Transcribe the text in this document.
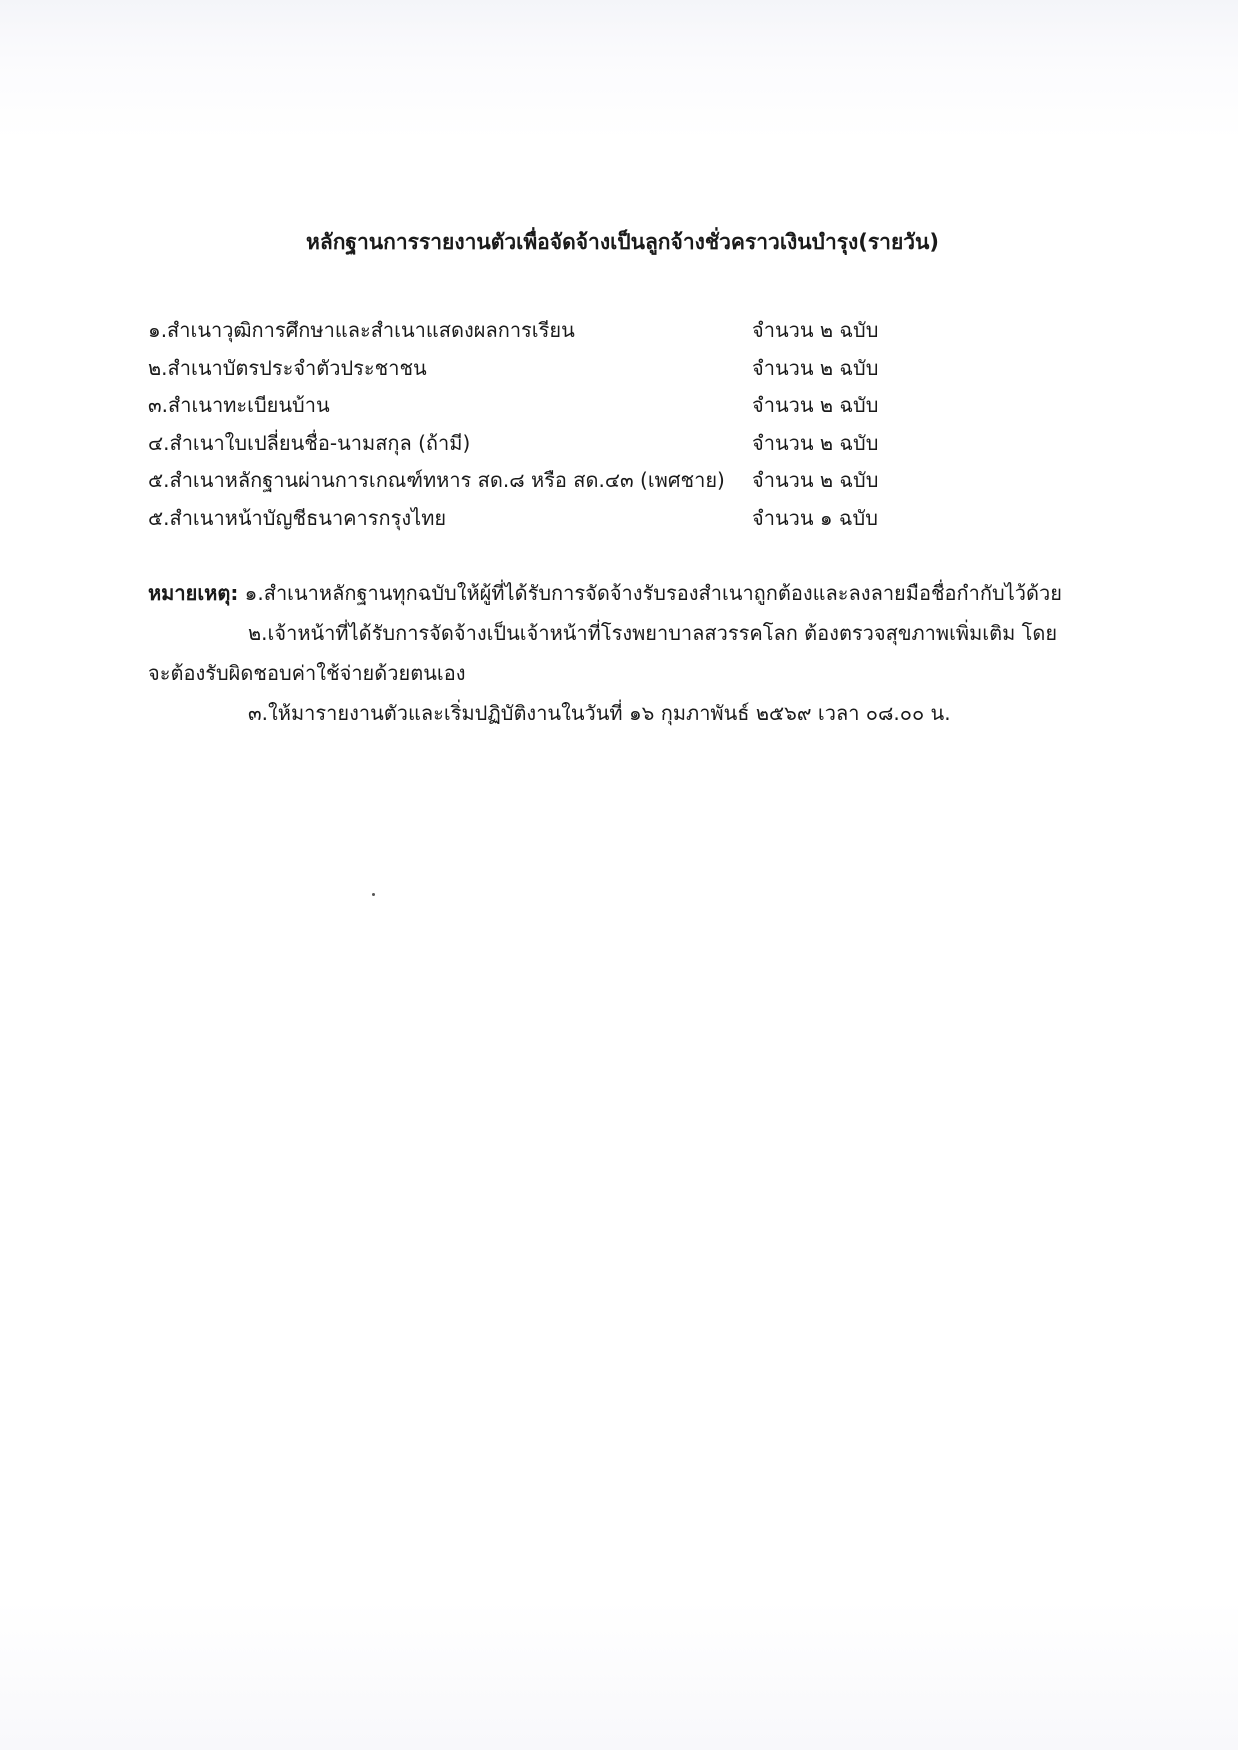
หลักฐานการรายงานตัวเพื่อจัดจ้างเป็นลูกจ้างชั่วคราวเงินบำรุง(รายวัน)
๑.สำเนาวุฒิการศึกษาและสำเนาแสดงผลการเรียน	จำนวน ๒ ฉบับ
๒.สำเนาบัตรประจำตัวประชาชน	จำนวน ๒ ฉบับ
๓.สำเนาทะเบียนบ้าน	จำนวน ๒ ฉบับ
๔.สำเนาใบเปลี่ยนชื่อ-นามสกุล (ถ้ามี)	จำนวน ๒ ฉบับ
๕.สำเนาหลักฐานผ่านการเกณฑ์ทหาร สด.๘ หรือ สด.๔๓ (เพศชาย) จำนวน ๒ ฉบับ
๕.สำเนาหน้าบัญชีธนาคารกรุงไทย	จำนวน ๑ ฉบับ
หมายเหตุ: ๑.สำเนาหลักฐานทุกฉบับให้ผู้ที่ได้รับการจัดจ้างรับรองสำเนาถูกต้องและลงลายมือชื่อกำกับไว้ด้วย
๒.เจ้าหน้าที่ได้รับการจัดจ้างเป็นเจ้าหน้าที่โรงพยาบาลสวรรคโลก ต้องตรวจสุขภาพเพิ่มเติม โดย
จะต้องรับผิดชอบค่าใช้จ่ายด้วยตนเอง
๓.ให้มารายงานตัวและเริ่มปฏิบัติงานในวันที่ ๑๖ กุมภาพันธ์ ๒๕๖๙ เวลา ๐๘.๐๐ น.
